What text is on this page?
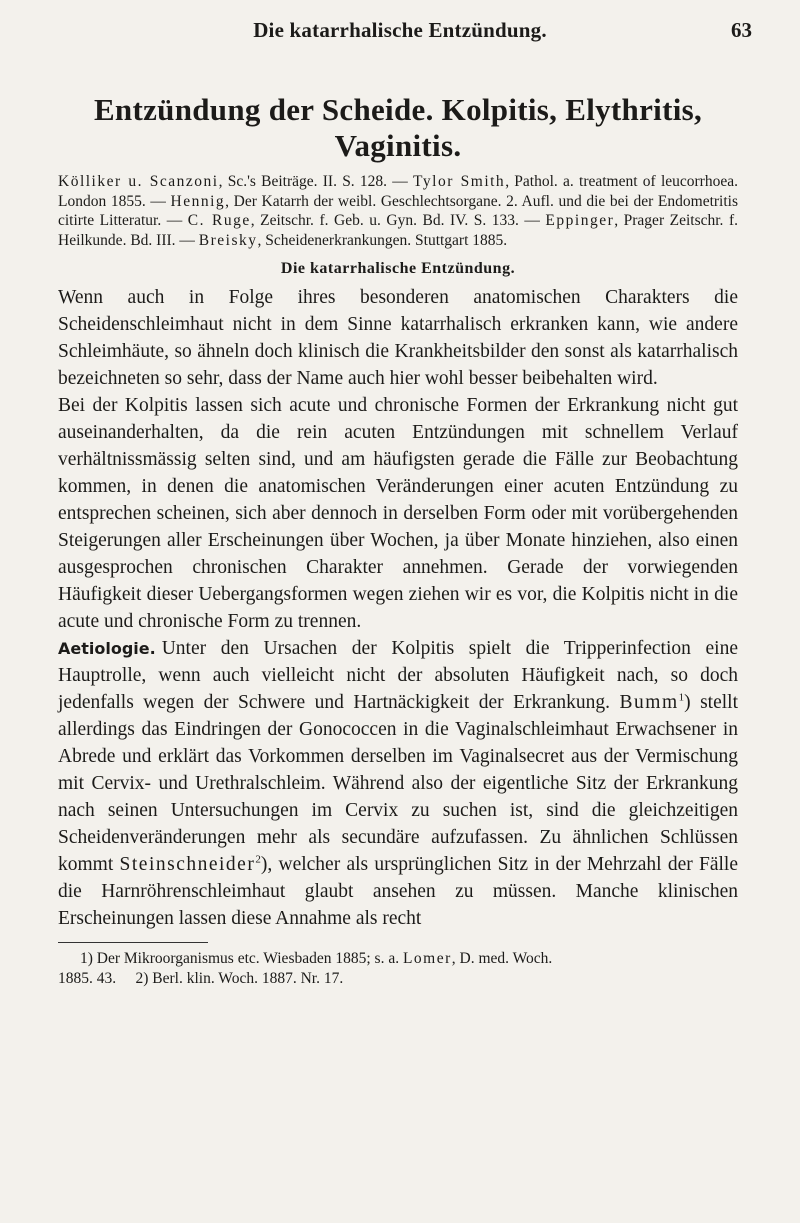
Die katarrhalische Entzündung.	63
Entzündung der Scheide. Kolpitis, Elythritis,
Vaginitis.

Kölliker u. Scanzoni, Sc.'s Beiträge. II. S. 128. — Tylor Smith, Pathol. a. treatment of leucorrhoea. London 1855. — Hennig, Der Katarrh der weibl. Geschlechtsorgane. 2. Aufl. und die bei der Endometritis citirte Litteratur. — C. Ruge, Zeitschr. f. Geb. u. Gyn. Bd. IV. S. 133. — Eppinger, Prager Zeitschr. f. Heilkunde. Bd. III. — Breisky, Scheidenerkrankungen. Stuttgart 1885.

Die katarrhalische Entzündung.

Wenn auch in Folge ihres besonderen anatomischen Charakters die Scheidenschleimhaut nicht in dem Sinne katarrhalisch erkranken kann, wie andere Schleimhäute, so ähneln doch klinisch die Krankheitsbilder den sonst als katarrhalisch bezeichneten so sehr, dass der Name auch hier wohl besser beibehalten wird.

Bei der Kolpitis lassen sich acute und chronische Formen der Erkrankung nicht gut auseinanderhalten, da die rein acuten Entzündungen mit schnellem Verlauf verhältnissmässig selten sind, und am häufigsten gerade die Fälle zur Beobachtung kommen, in denen die anatomischen Veränderungen einer acuten Entzündung zu entsprechen scheinen, sich aber dennoch in derselben Form oder mit vorübergehenden Steigerungen aller Erscheinungen über Wochen, ja über Monate hinziehen, also einen ausgesprochen chronischen Charakter annehmen. Gerade der vorwiegenden Häufigkeit dieser Uebergangsformen wegen ziehen wir es vor, die Kolpitis nicht in die acute und chronische Form zu trennen.

Aetiologie. Unter den Ursachen der Kolpitis spielt die Tripperinfection eine Hauptrolle, wenn auch vielleicht nicht der absoluten Häufigkeit nach, so doch jedenfalls wegen der Schwere und Hartnäckigkeit der Erkrankung. Bumm$^1$) stellt allerdings das Eindringen der Gonococcen in die Vaginalschleimhaut Erwachsener in Abrede und erklärt das Vorkommen derselben im Vaginalsecret aus der Vermischung mit Cervix- und Urethralschleim. Während also der eigentliche Sitz der Erkrankung nach seinen Untersuchungen im Cervix zu suchen ist, sind die gleichzeitigen Scheidenveränderungen mehr als secundäre aufzufassen. Zu ähnlichen Schlüssen kommt Steinschneider$^2$), welcher als ursprünglichen Sitz in der Mehrzahl der Fälle die Harnröhrenschleimhaut glaubt ansehen zu müssen. Manche klinischen Erscheinungen lassen diese Annahme als recht

1) Der Mikroorganismus etc. Wiesbaden 1885; s. a. Lomer, D. med. Woch.
1885. 43. 2) Berl. klin. Woch. 1887. Nr. 17.
